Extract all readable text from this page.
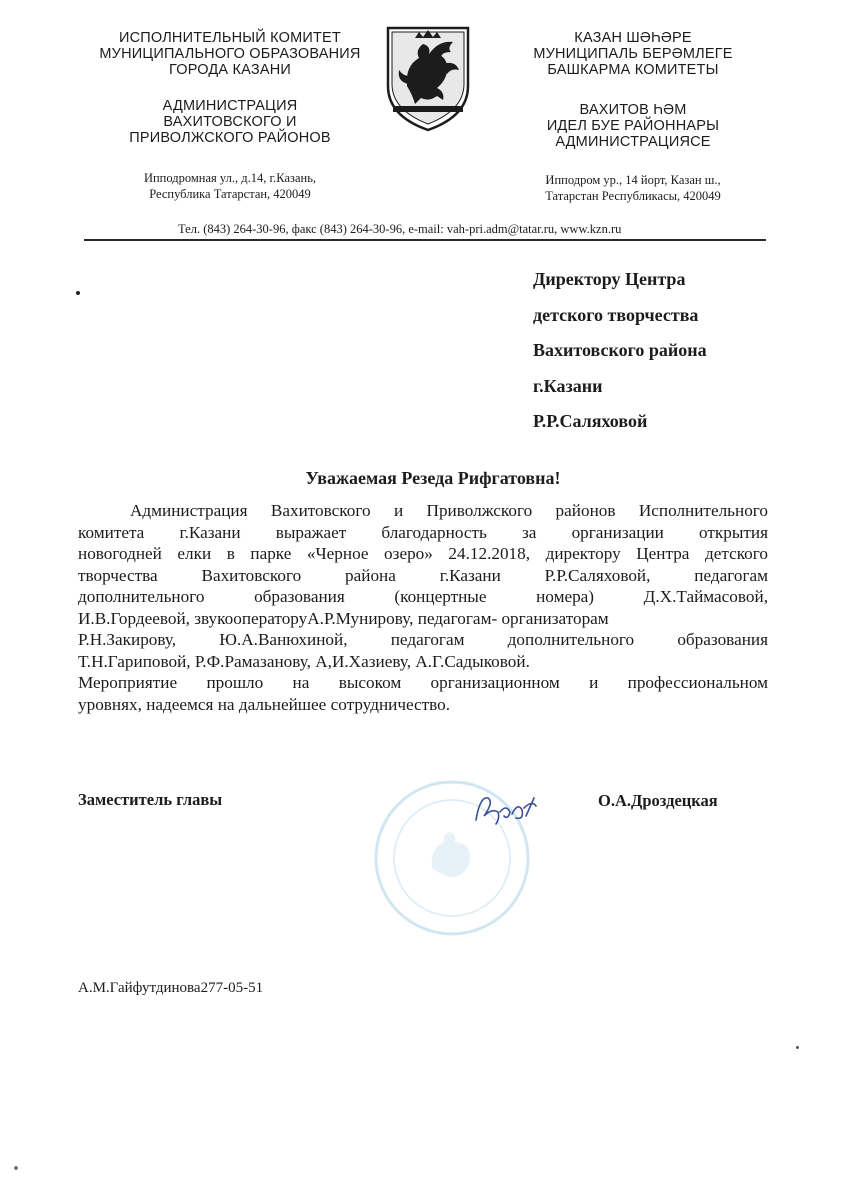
ИСПОЛНИТЕЛЬНЫЙ КОМИТЕТ
МУНИЦИПАЛЬНОГО ОБРАЗОВАНИЯ
ГОРОДА КАЗАНИ
АДМИНИСТРАЦИЯ
ВАХИТОВСКОГО И
ПРИВОЛЖСКОГО РАЙОНОВ
Ипподромная ул., д.14, г.Казань,
Республика Татарстан, 420049
КАЗАН ШӘҺӘРЕ
МУНИЦИПАЛЬ БЕРӘМЛЕГЕ
БАШКАРМА КОМИТЕТЫ
ВАХИТОВ ҺӘМ
ИДЕЛ БУЕ РАЙОННАРЫ
АДМИНИСТРАЦИЯСЕ
Ипподром ур., 14 йорт, Казан ш.,
Татарстан Республикасы, 420049
Тел. (843) 264-30-96, факс (843) 264-30-96, e-mail: vah-pri.adm@tatar.ru, www.kzn.ru
Директору Центра
детского творчества
Вахитовского района
г.Казани
Р.Р.Саляховой
Уважаемая Резеда Рифгатовна!

Администрация Вахитовского и Приволжского районов Исполнительного

комитета г.Казани выражает благодарность за организации открытия

новогодней елки в парке «Черное озеро» 24.12.2018, директору Центра детского

творчества Вахитовского района г.Казани Р.Р.Саляховой, педагогам

дополнительного образования (концертные номера) Д.Х.Таймасовой,

И.В.Гордеевой, звукооператоруА.Р.Мунирову, педагогам- организаторам

Р.Н.Закирову, Ю.А.Ванюхиной, педагогам дополнительного образования

Т.Н.Гариповой, Р.Ф.Рамазанову, А,И.Хазиеву, А.Г.Садыковой.

Мероприятие прошло на высоком организационном и профессиональном

уровнях, надеемся на дальнейшее сотрудничество.

Заместитель главы	О.А.Дроздецкая
А.М.Гайфутдинова277-05-51
